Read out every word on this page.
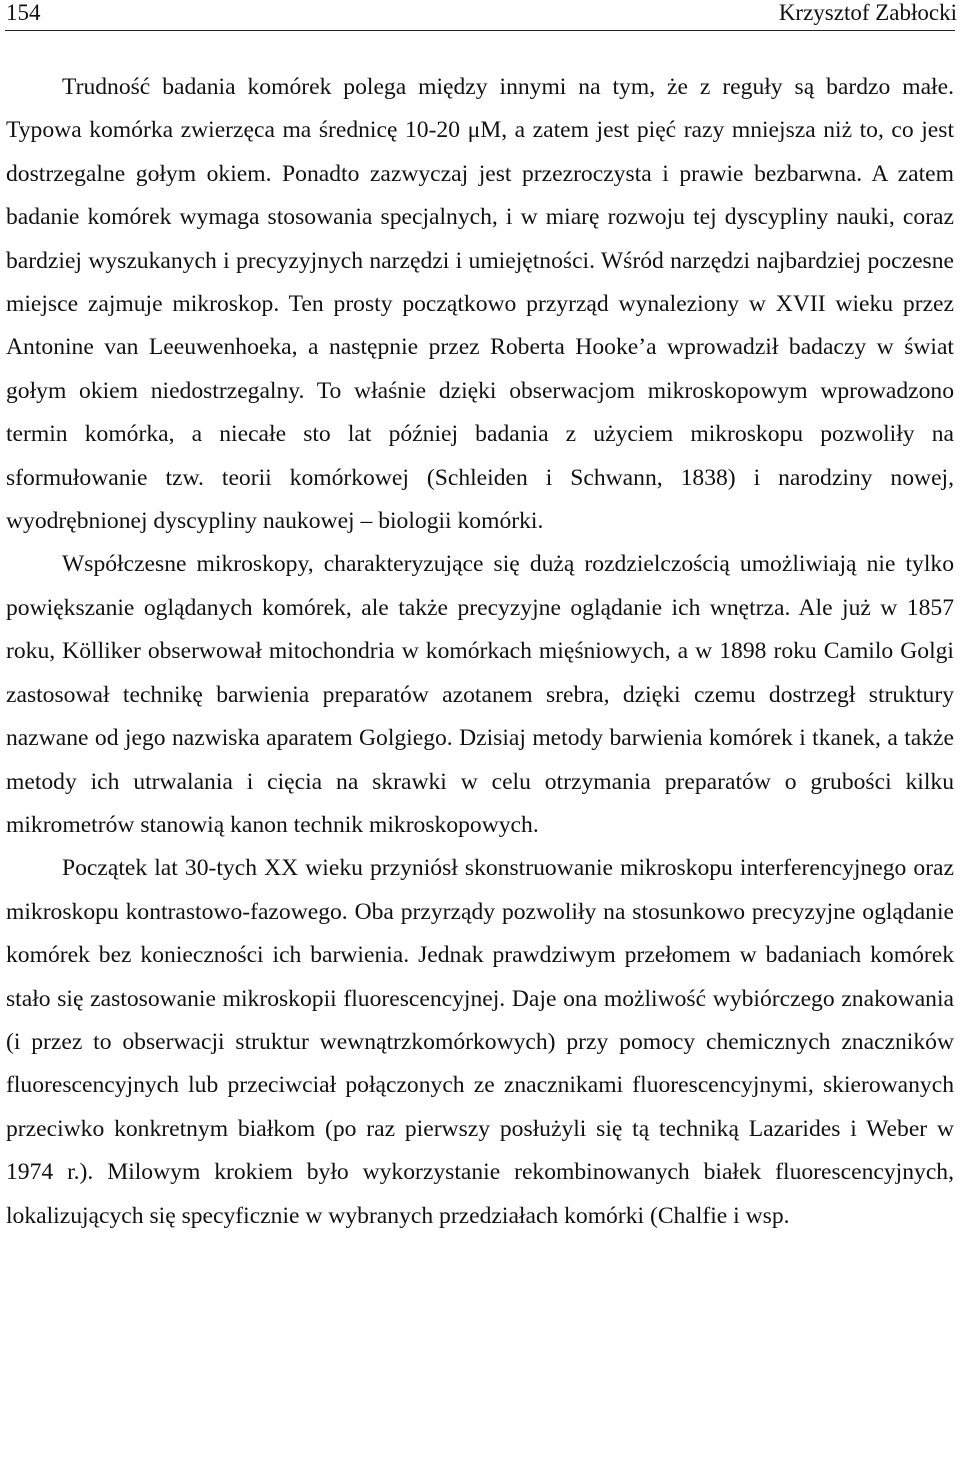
154	Krzysztof Zabłocki

Trudność badania komórek polega między innymi na tym, że z reguły są bardzo małe. Typowa komórka zwierzęca ma średnicę 10-20 μM, a zatem jest pięć razy mniejsza niż to, co jest dostrzegalne gołym okiem. Ponadto zazwyczaj jest przezroczysta i prawie bezbarwna. A zatem badanie komórek wymaga stosowania specjalnych, i w miarę rozwoju tej dyscypliny nauki, coraz bardziej wyszukanych i precyzyjnych narzędzi i umiejętności. Wśród narzędzi najbardziej poczesne miejsce zajmuje mikroskop. Ten prosty początkowo przyrząd wynaleziony w XVII wieku przez Antonine van Leeuwenhoeka, a następnie przez Roberta Hooke’a wprowadził badaczy w świat gołym okiem niedostrzegalny. To właśnie dzięki obserwacjom mikroskopowym wprowadzono termin komórka, a niecałe sto lat później badania z użyciem mikroskopu pozwoliły na sformułowanie tzw. teorii komórkowej (Schleiden i Schwann, 1838) i narodziny nowej, wyodrębnionej dyscypliny naukowej – biologii komórki.

Współczesne mikroskopy, charakteryzujące się dużą rozdzielczością umożliwiają nie tylko powiększanie oglądanych komórek, ale także precyzyjne oglądanie ich wnętrza. Ale już w 1857 roku, Kölliker obserwował mitochondria w komórkach mięśniowych, a w 1898 roku Camilo Golgi zastosował technikę barwienia preparatów azotanem srebra, dzięki czemu dostrzegł struktury nazwane od jego nazwiska aparatem Golgiego. Dzisiaj metody barwienia komórek i tkanek, a także metody ich utrwalania i cięcia na skrawki w celu otrzymania preparatów o grubości kilku mikrometrów stanowią kanon technik mikroskopowych.

Początek lat 30-tych XX wieku przyniósł skonstruowanie mikroskopu interferencyjnego oraz mikroskopu kontrastowo-fazowego. Oba przyrządy pozwoliły na stosunkowo precyzyjne oglądanie komórek bez konieczności ich barwienia. Jednak prawdziwym przełomem w badaniach komórek stało się zastosowanie mikroskopii fluorescencyjnej. Daje ona możliwość wybiórczego znakowania (i przez to obserwacji struktur wewnątrzkomórkowych) przy pomocy chemicznych znaczników fluorescencyjnych lub przeciwciał połączonych ze znacznikami fluorescencyjnymi, skierowanych przeciwko konkretnym białkom (po raz pierwszy posłużyli się tą techniką Lazarides i Weber w 1974 r.). Milowym krokiem było wykorzystanie rekombinowanych białek fluorescencyjnych, lokalizujących się specyficznie w wybranych przedziałach komórki (Chalfie i wsp.
